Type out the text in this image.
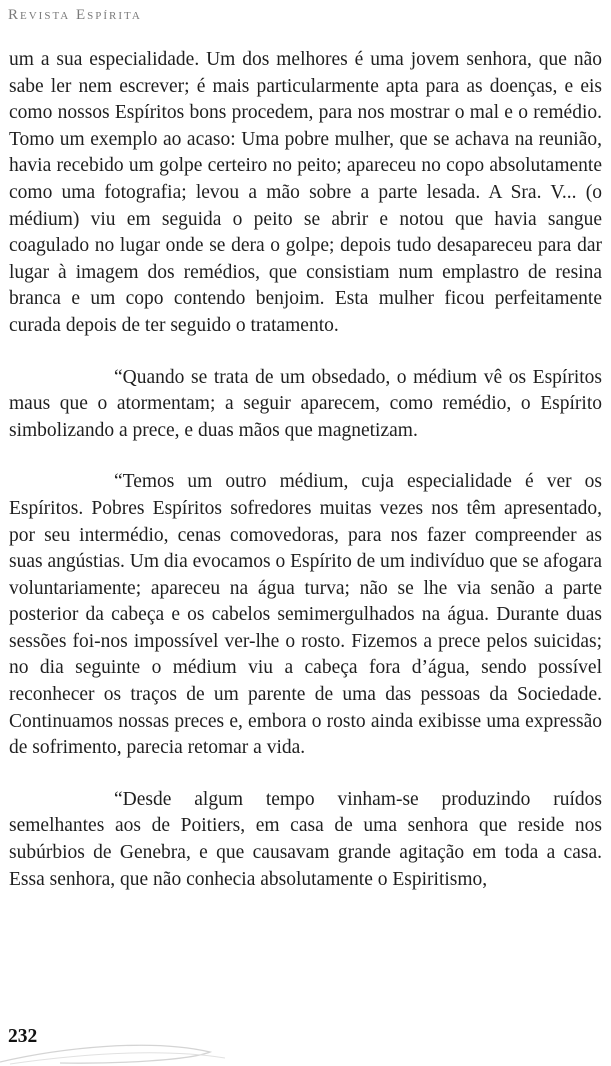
Revista Espírita

um a sua especialidade. Um dos melhores é uma jovem senhora, que não sabe ler nem escrever; é mais particularmente apta para as doenças, e eis como nossos Espíritos bons procedem, para nos mostrar o mal e o remédio. Tomo um exemplo ao acaso: Uma pobre mulher, que se achava na reunião, havia recebido um golpe certeiro no peito; apareceu no copo absolutamente como uma fotografia; levou a mão sobre a parte lesada. A Sra. V... (o médium) viu em seguida o peito se abrir e notou que havia sangue coagulado no lugar onde se dera o golpe; depois tudo desapareceu para dar lugar à imagem dos remédios, que consistiam num emplastro de resina branca e um copo contendo benjoim. Esta mulher ficou perfeitamente curada depois de ter seguido o tratamento.

“Quando se trata de um obsedado, o médium vê os Espíritos maus que o atormentam; a seguir aparecem, como remédio, o Espírito simbolizando a prece, e duas mãos que magnetizam.

“Temos um outro médium, cuja especialidade é ver os Espíritos. Pobres Espíritos sofredores muitas vezes nos têm apresentado, por seu intermédio, cenas comovedoras, para nos fazer compreender as suas angústias. Um dia evocamos o Espírito de um indivíduo que se afogara voluntariamente; apareceu na água turva; não se lhe via senão a parte posterior da cabeça e os cabelos semimergulhados na água. Durante duas sessões foi-nos impossível ver-lhe o rosto. Fizemos a prece pelos suicidas; no dia seguinte o médium viu a cabeça fora d’água, sendo possível reconhecer os traços de um parente de uma das pessoas da Sociedade. Continuamos nossas preces e, embora o rosto ainda exibisse uma expressão de sofrimento, parecia retomar a vida.

“Desde algum tempo vinham-se produzindo ruídos semelhantes aos de Poitiers, em casa de uma senhora que reside nos subúrbios de Genebra, e que causavam grande agitação em toda a casa. Essa senhora, que não conhecia absolutamente o Espiritismo,

232
